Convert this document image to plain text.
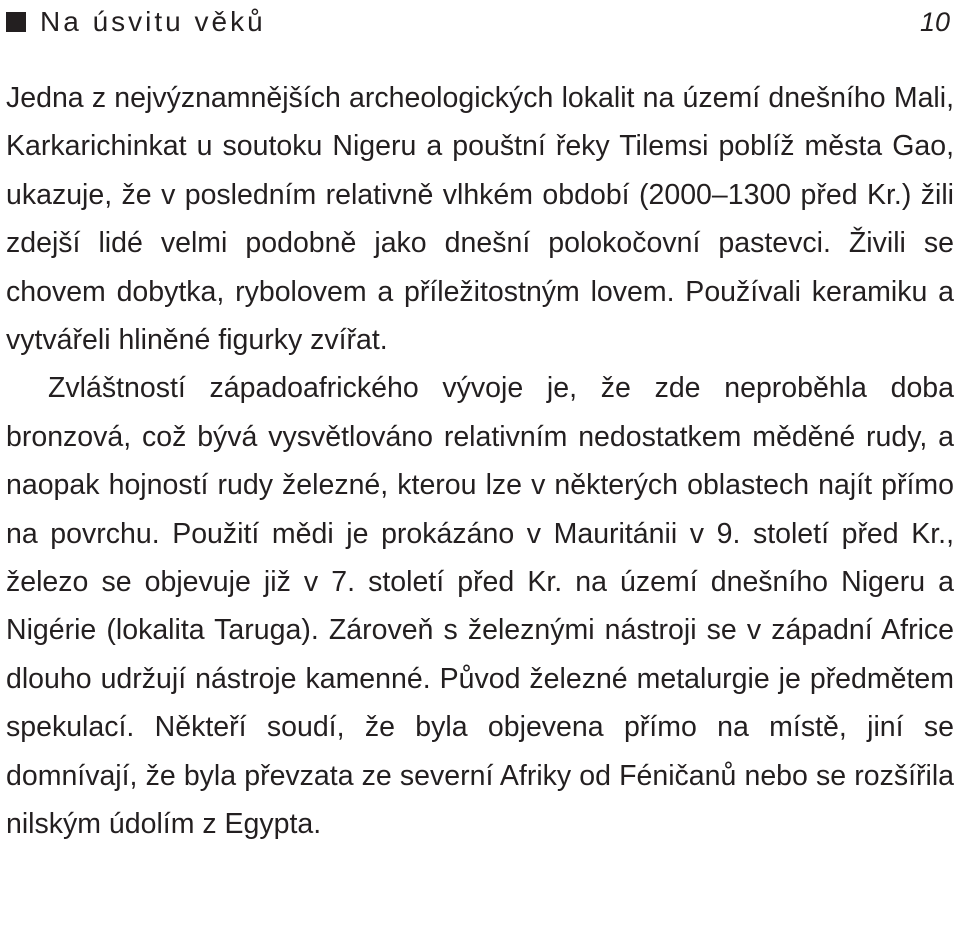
Na úsvitu věků	10

Jedna z nejvýznamnějších archeologických lokalit na území dnešního Mali, Karkarichinkat u soutoku Nigeru a pouštní řeky Tilemsi poblíž města Gao, ukazuje, že v posledním relativně vlhkém období (2000–1300 před Kr.) žili zdejší lidé velmi podobně jako dnešní polokočovní pastevci. Živili se chovem dobytka, rybolovem a příležitostným lovem. Používali keramiku a vytvářeli hliněné figurky zvířat.

Zvláštností západoafrického vývoje je, že zde neproběhla doba bronzová, což bývá vysvětlováno relativním nedostatkem měděné rudy, a naopak hojností rudy železné, kterou lze v některých oblastech najít přímo na povrchu. Použití mědi je prokázáno v Mauritánii v 9. století před Kr., železo se objevuje již v 7. století před Kr. na území dnešního Nigeru a Nigérie (lokalita Taruga). Zároveň s železnými nástroji se v západní Africe dlouho udržují nástroje kamenné. Původ železné metalurgie je předmětem spekulací. Někteří soudí, že byla objevena přímo na místě, jiní se domnívají, že byla převzata ze severní Afriky od Féničanů nebo se rozšířila nilským údolím z Egypta.
